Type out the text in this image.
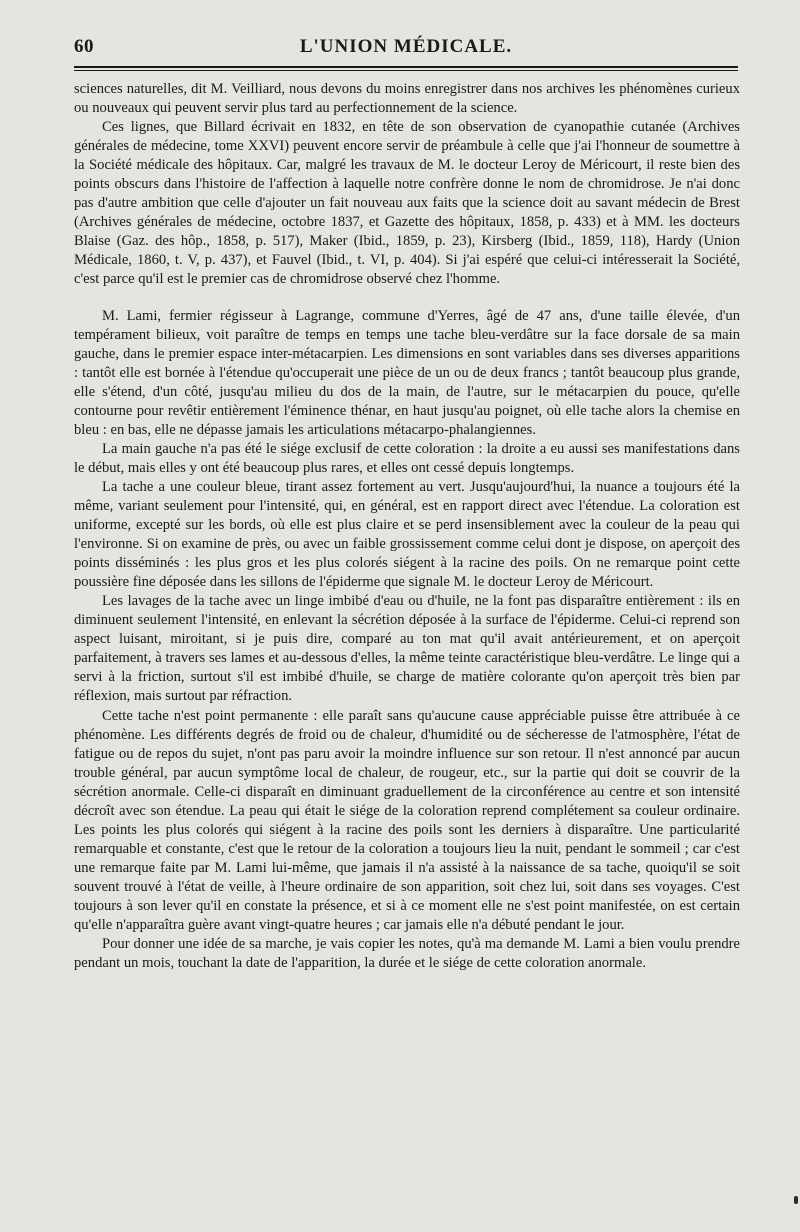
60	L'UNION MÉDICALE.

sciences naturelles, dit M. Veilliard, nous devons du moins enregistrer dans nos archives les phénomènes curieux ou nouveaux qui peuvent servir plus tard au perfectionnement de la science.

Ces lignes, que Billard écrivait en 1832, en tête de son observation de cyanopathie cutanée (Archives générales de médecine, tome XXVI) peuvent encore servir de préambule à celle que j'ai l'honneur de soumettre à la Société médicale des hôpitaux. Car, malgré les travaux de M. le docteur Leroy de Méricourt, il reste bien des points obscurs dans l'histoire de l'affection à laquelle notre confrère donne le nom de chromidrose. Je n'ai donc pas d'autre ambition que celle d'ajouter un fait nouveau aux faits que la science doit au savant médecin de Brest (Archives générales de médecine, octobre 1837, et Gazette des hôpitaux, 1858, p. 433) et à MM. les docteurs Blaise (Gaz. des hôp., 1858, p. 517), Maker (Ibid., 1859, p. 23), Kirsberg (Ibid., 1859, 118), Hardy (Union Médicale, 1860, t. V, p. 437), et Fauvel (Ibid., t. VI, p. 404). Si j'ai espéré que celui-ci intéresserait la Société, c'est parce qu'il est le premier cas de chromidrose observé chez l'homme.

M. Lami, fermier régisseur à Lagrange, commune d'Yerres, âgé de 47 ans, d'une taille élevée, d'un tempérament bilieux, voit paraître de temps en temps une tache bleu-verdâtre sur la face dorsale de sa main gauche, dans le premier espace inter-métacarpien. Les dimensions en sont variables dans ses diverses apparitions : tantôt elle est bornée à l'étendue qu'occuperait une pièce de un ou de deux francs ; tantôt beaucoup plus grande, elle s'étend, d'un côté, jusqu'au milieu du dos de la main, de l'autre, sur le métacarpien du pouce, qu'elle contourne pour revêtir entièrement l'éminence thénar, en haut jusqu'au poignet, où elle tache alors la chemise en bleu : en bas, elle ne dépasse jamais les articulations métacarpo-phalangiennes.

La main gauche n'a pas été le siége exclusif de cette coloration : la droite a eu aussi ses manifestations dans le début, mais elles y ont été beaucoup plus rares, et elles ont cessé depuis longtemps.

La tache a une couleur bleue, tirant assez fortement au vert. Jusqu'aujourd'hui, la nuance a toujours été la même, variant seulement pour l'intensité, qui, en général, est en rapport direct avec l'étendue. La coloration est uniforme, excepté sur les bords, où elle est plus claire et se perd insensiblement avec la couleur de la peau qui l'environne. Si on examine de près, ou avec un faible grossissement comme celui dont je dispose, on aperçoit des points disséminés : les plus gros et les plus colorés siégent à la racine des poils. On ne remarque point cette poussière fine déposée dans les sillons de l'épiderme que signale M. le docteur Leroy de Méricourt.

Les lavages de la tache avec un linge imbibé d'eau ou d'huile, ne la font pas disparaître entièrement : ils en diminuent seulement l'intensité, en enlevant la sécrétion déposée à la surface de l'épiderme. Celui-ci reprend son aspect luisant, miroitant, si je puis dire, comparé au ton mat qu'il avait antérieurement, et on aperçoit parfaitement, à travers ses lames et au-dessous d'elles, la même teinte caractéristique bleu-verdâtre. Le linge qui a servi à la friction, surtout s'il est imbibé d'huile, se charge de matière colorante qu'on aperçoit très bien par réflexion, mais surtout par réfraction.

Cette tache n'est point permanente : elle paraît sans qu'aucune cause appréciable puisse être attribuée à ce phénomène. Les différents degrés de froid ou de chaleur, d'humidité ou de sécheresse de l'atmosphère, l'état de fatigue ou de repos du sujet, n'ont pas paru avoir la moindre influence sur son retour. Il n'est annoncé par aucun trouble général, par aucun symptôme local de chaleur, de rougeur, etc., sur la partie qui doit se couvrir de la sécrétion anormale. Celle-ci disparaît en diminuant graduellement de la circonférence au centre et son intensité décroît avec son étendue. La peau qui était le siége de la coloration reprend complétement sa couleur ordinaire. Les points les plus colorés qui siégent à la racine des poils sont les derniers à disparaître. Une particularité remarquable et constante, c'est que le retour de la coloration a toujours lieu la nuit, pendant le sommeil ; car c'est une remarque faite par M. Lami lui-même, que jamais il n'a assisté à la naissance de sa tache, quoiqu'il se soit souvent trouvé à l'état de veille, à l'heure ordinaire de son apparition, soit chez lui, soit dans ses voyages. C'est toujours à son lever qu'il en constate la présence, et si à ce moment elle ne s'est point manifestée, on est certain qu'elle n'apparaîtra guère avant vingt-quatre heures ; car jamais elle n'a débuté pendant le jour.

Pour donner une idée de sa marche, je vais copier les notes, qu'à ma demande M. Lami a bien voulu prendre pendant un mois, touchant la date de l'apparition, la durée et le siége de cette coloration anormale.
